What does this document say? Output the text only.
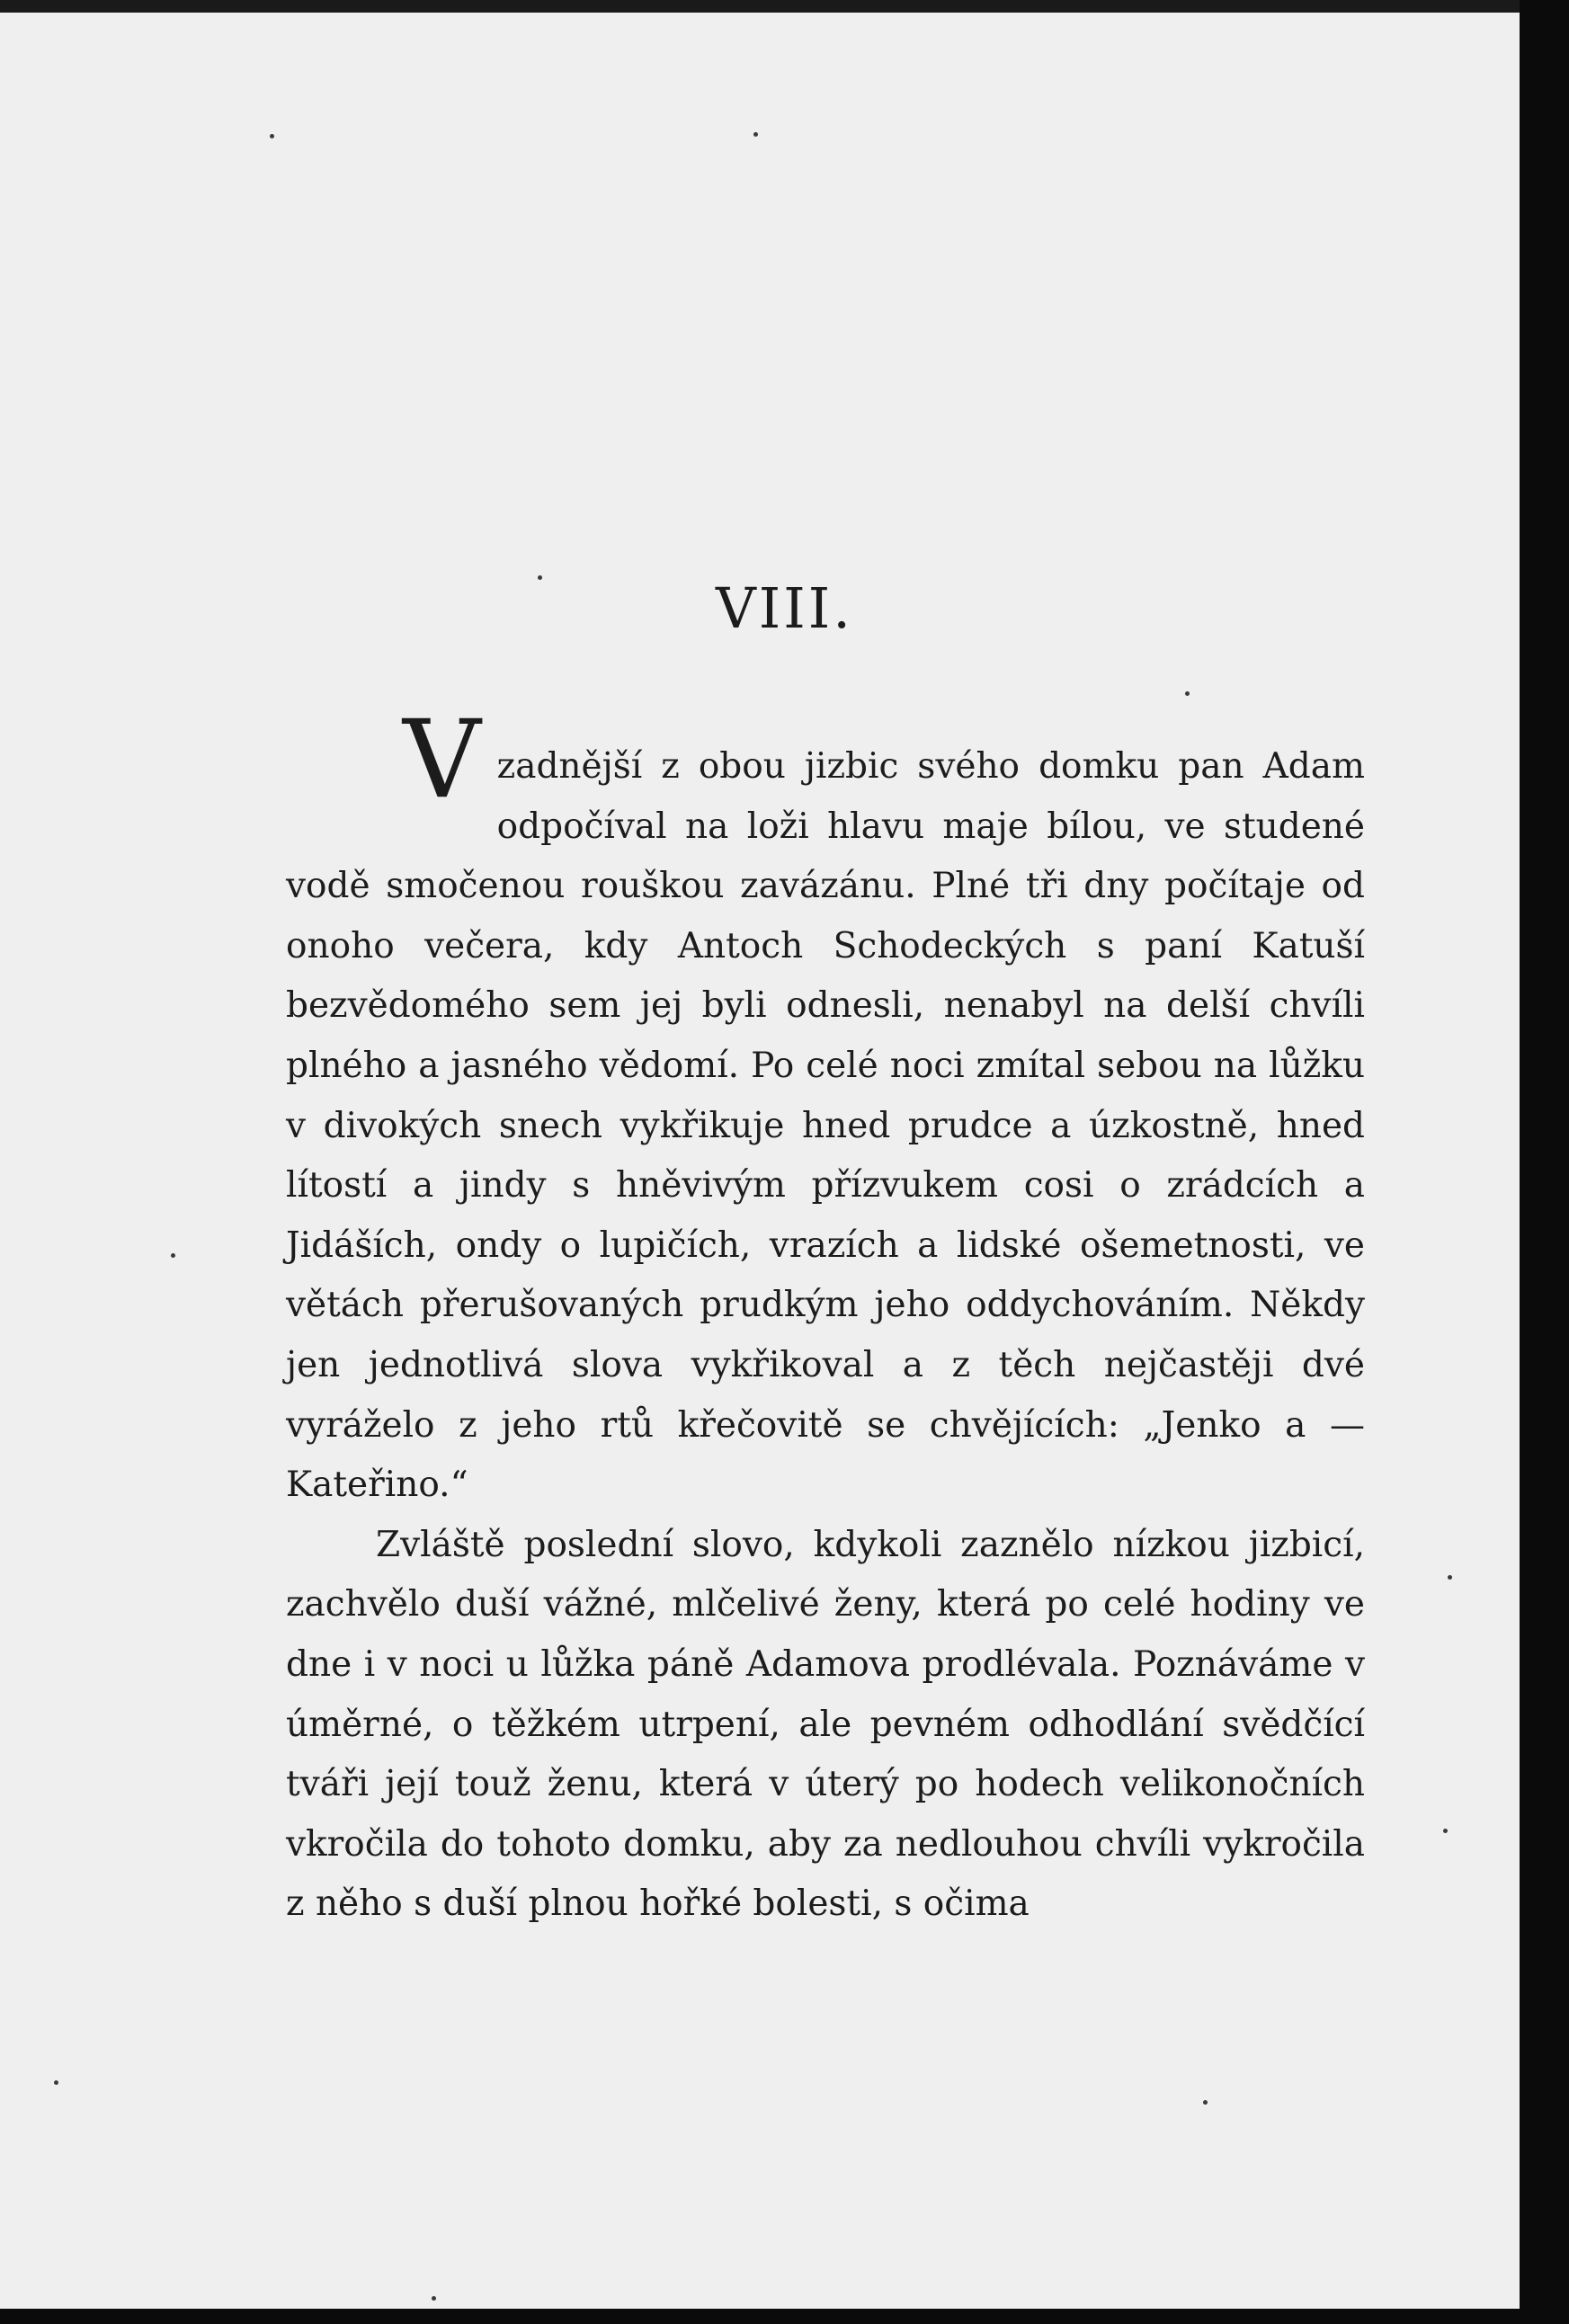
VIII.

Vzadnější z obou jizbic svého domku pan Adam odpočíval na loži hlavu maje bílou, ve studené vodě smočenou rouškou zavázánu. Plné tři dny počítaje od onoho večera, kdy Antoch Schodeckých s paní Katuší bezvědomého sem jej byli odnesli, nenabyl na delší chvíli plného a jasného vědomí. Po celé noci zmítal sebou na lůžku v divokých snech vykřikuje hned prudce a úzkostně, hned lítostí a jindy s hněvivým přízvukem cosi o zrádcích a Jidáších, ondy o lupičích, vrazích a lidské ošemetnosti, ve větách přerušovaných prudkým jeho oddychováním. Někdy jen jednotlivá slova vykřikoval a z těch nejčastěji dvé vyráželo z jeho rtů křečovitě se chvějících: „Jenko a — Kateřino.“

Zvláště poslední slovo, kdykoli zaznělo nízkou jizbicí, zachvělo duší vážné, mlčelivé ženy, která po celé hodiny ve dne i v noci u lůžka páně Adamova prodlévala. Poznáváme v úměrné, o těžkém utrpení, ale pevném odhodlání svědčící tváři její touž ženu, která v úterý po hodech velikonočních vkročila do tohoto domku, aby za nedlouhou chvíli vykročila z něho s duší plnou hořké bolesti, s očima
